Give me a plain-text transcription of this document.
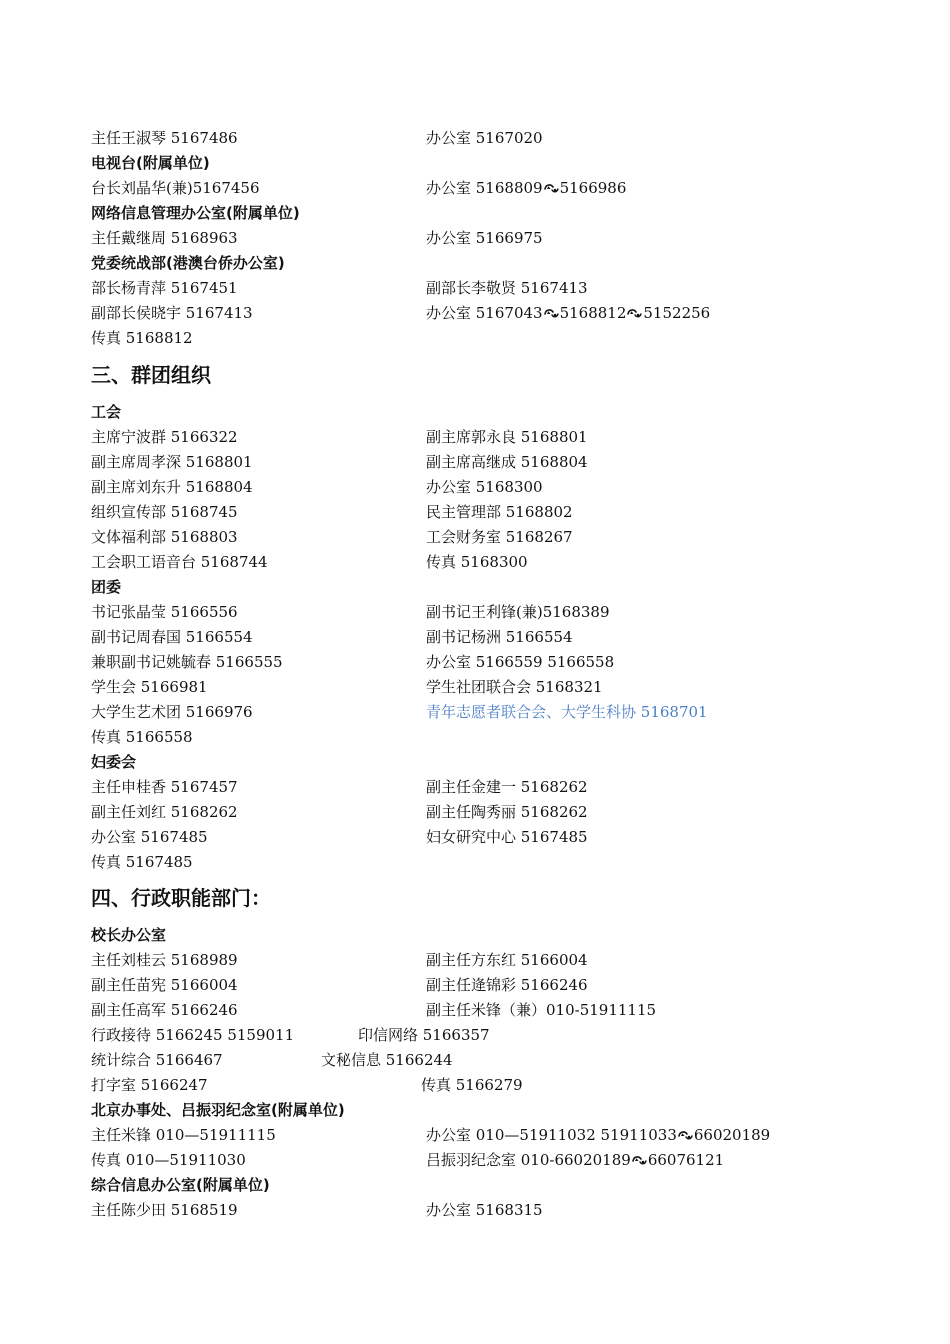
主任王淑琴 5167486	办公室 5167020
电视台(附属单位)
台长刘晶华(兼)5167456	办公室 5168809 5166986
网络信息管理办公室(附属单位)
主任戴继周 5168963	办公室 5166975
党委统战部(港澳台侨办公室)
部长杨青萍 5167451	副部长李敬贤 5167413
副部长侯晓宇 5167413	办公室 5167043 5168812 5152256
传真 5168812
三、群团组织
工会
主席宁波群 5166322	副主席郭永良 5168801
副主席周孝深 5168801	副主席高继成 5168804
副主席刘东升 5168804	办公室 5168300
组织宣传部 5168745	民主管理部 5168802
文体福利部 5168803	工会财务室 5168267
工会职工语音台 5168744	传真 5168300
团委
书记张晶莹 5166556	副书记王利锋(兼)5168389
副书记周春国 5166554	副书记杨洲 5166554
兼职副书记姚毓春 5166555	办公室 5166559 5166558
学生会 5166981	学生社团联合会 5168321
大学生艺术团 5166976	青年志愿者联合会、大学生科协 5168701
传真 5166558
妇委会
主任申桂香 5167457	副主任金建一 5168262
副主任刘红 5168262	副主任陶秀丽 5168262
办公室 5167485	妇女研究中心 5167485
传真 5167485
四、行政职能部门：
校长办公室
主任刘桂云 5168989	副主任方东红 5166004
副主任苗宪 5166004	副主任逄锦彩 5166246
副主任高军 5166246	副主任米锋（兼）010-51911115
行政接待 5166245 5159011	印信网络 5166357
统计综合 5166467	文秘信息 5166244
打字室 5166247	传真 5166279
北京办事处、吕振羽纪念室(附属单位)
主任米锋 010—51911115	办公室 010—51911032 51911033 66020189
传真 010—51911030	吕振羽纪念室 010-66020189 66076121
综合信息办公室(附属单位)
主任陈少田 5168519	办公室 5168315
